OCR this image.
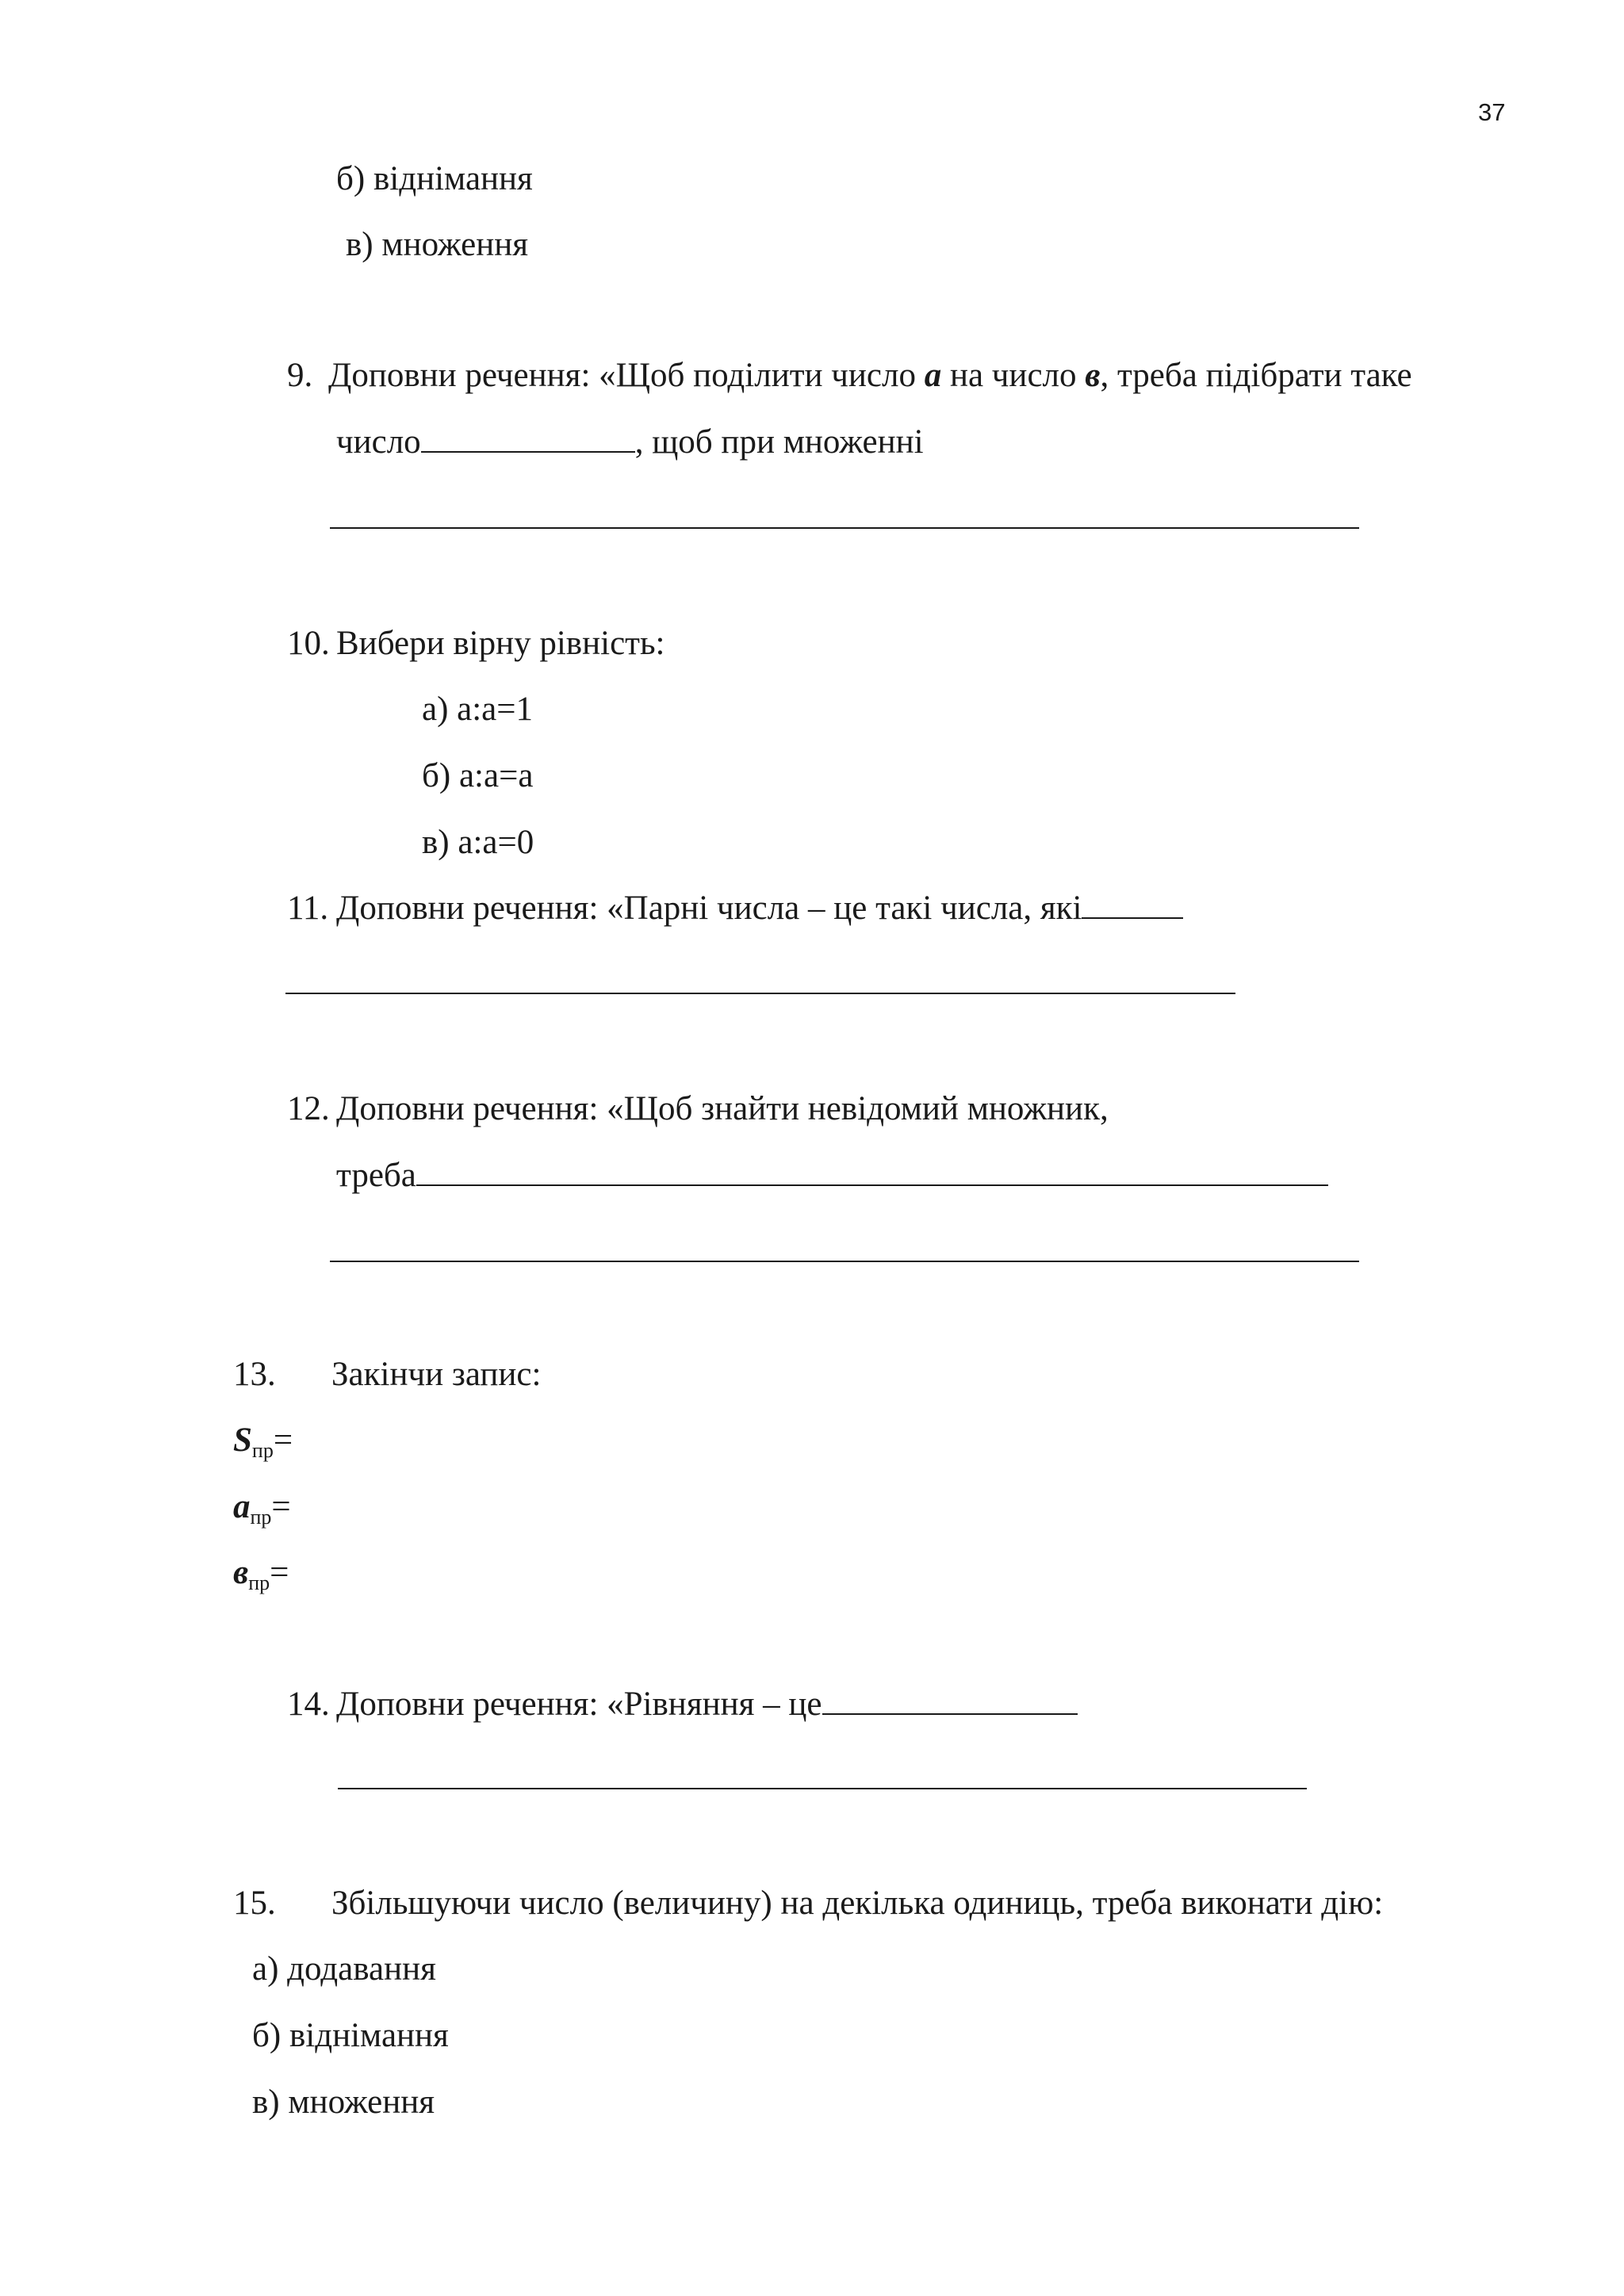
37
б) віднімання
в) множення
9. Доповни речення: «Щоб поділити число а на число в, треба підібрати таке
число	, щоб при множенні
10. Вибери вірну рівність:
а) а:а=1
б) а:а=а
в) а:а=0
11. Доповни речення: «Парні числа – це такі числа, які
12. Доповни речення: «Щоб знайти невідомий множник,
треба
13. Закінчи запис:
$S_{пр}=$
$а_{пр}=$
$в_{пр}=$
14. Доповни речення: «Рівняння – це
15. Збільшуючи число (величину) на декілька одиниць, треба виконати дію:
а) додавання
б) віднімання
в) множення
